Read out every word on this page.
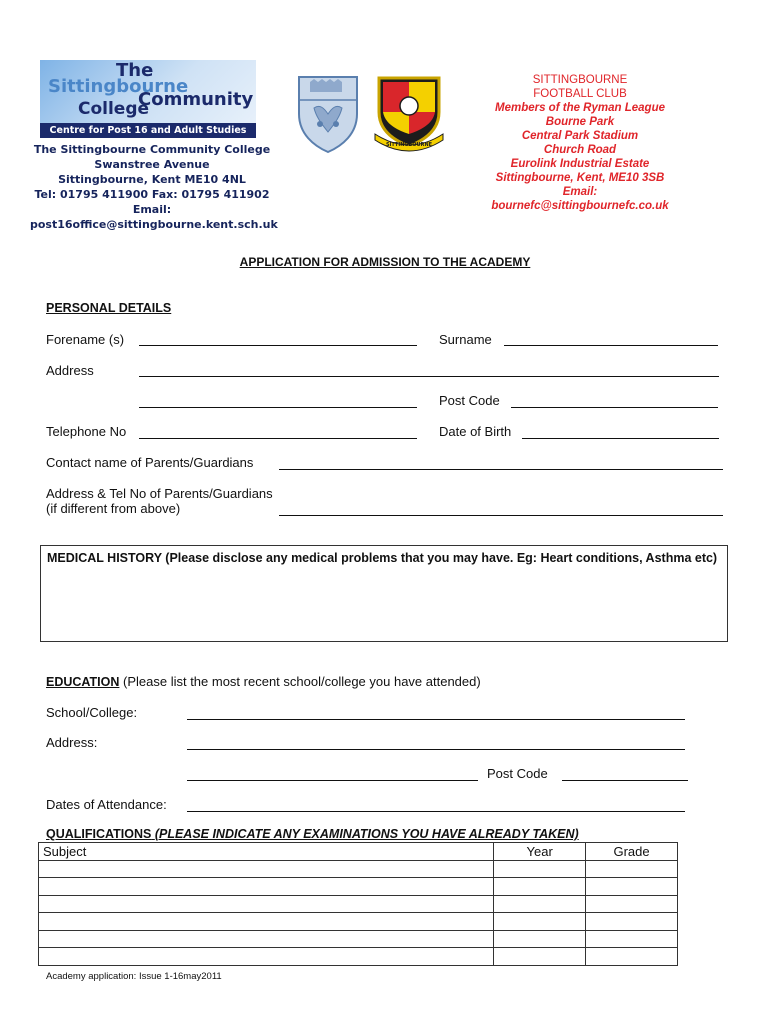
The
Sittingbourne
Community
College
Centre for Post 16 and Adult Studies
The Sittingbourne Community College
Swanstree Avenue
Sittingbourne, Kent ME10 4NL
Tel: 01795 411900 Fax: 01795 411902
Email:
post16office@sittingbourne.kent.sch.uk
SITTINGBOURNE
SITTINGBOURNE
FOOTBALL CLUB
Members of the Ryman League
Bourne Park
Central Park Stadium
Church Road
Eurolink Industrial Estate
Sittingbourne, Kent, ME10 3SB
Email:
bournefc@sittingbournefc.co.uk
APPLICATION FOR ADMISSION TO THE ACADEMY
PERSONAL DETAILS
Forename (s)	Surname
Address
Post Code
Telephone No	Date of Birth
Contact name of Parents/Guardians
Address & Tel No of Parents/Guardians
(if different from above)
MEDICAL HISTORY (Please disclose any medical problems that you may have. Eg: Heart conditions, Asthma etc)
EDUCATION (Please list the most recent school/college you have attended)
School/College:
Address:
Post Code
Dates of Attendance:
QUALIFICATIONS (PLEASE INDICATE ANY EXAMINATIONS YOU HAVE ALREADY TAKEN)
Subject	Year	Grade

Academy application: Issue 1-16may2011
